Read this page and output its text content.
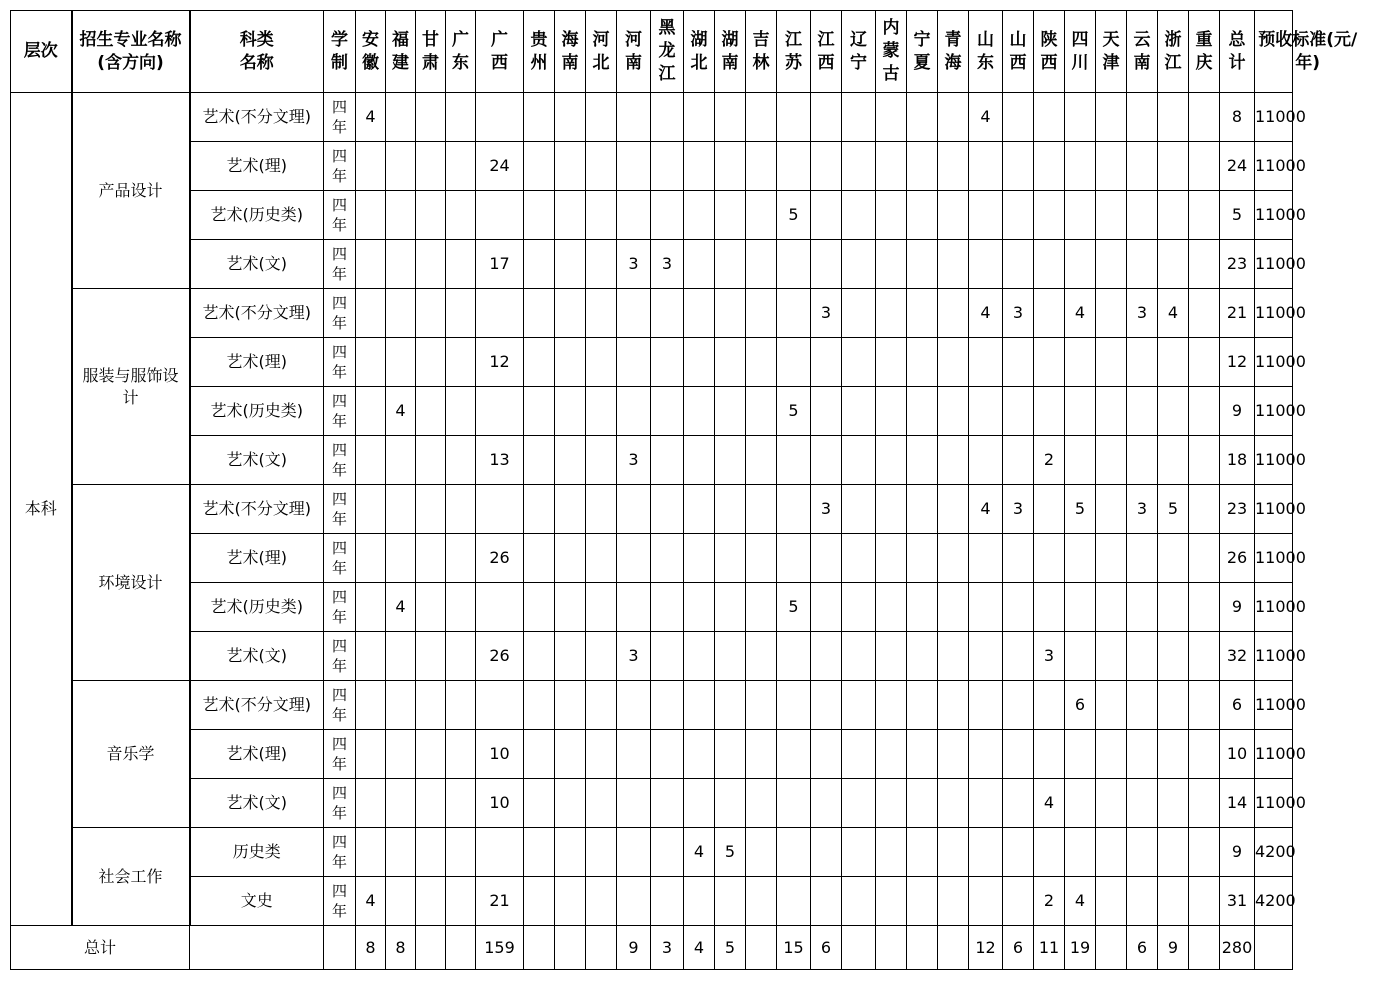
层次	招生专业名称(含方向)	科类名称	学制	安徽	福建	甘肃	广东	广西	贵州	海南	河北	河南	黑龙江	湖北	湖南	吉林	江苏	江西	辽宁	内蒙古	宁夏	青海	山东	山西	陕西	四川	天津	云南	浙江	重庆	总计	预收标准(元/年)
本科	产品设计	艺术(不分文理)	四年	4																			4								8	11000
		艺术(理)	四年					24																							24	11000
		艺术(历史类)	四年														5														5	11000
		艺术(文)	四年					17				3	3																		23	11000
	服装与服饰设计	艺术(不分文理)	四年															3					4	3		4		3	4		21	11000
		艺术(理)	四年					12																							12	11000
		艺术(历史类)	四年		4												5														9	11000
		艺术(文)	四年					13				3													2						18	11000
	环境设计	艺术(不分文理)	四年															3					4	3		5		3	5		23	11000
		艺术(理)	四年					26																							26	11000
		艺术(历史类)	四年		4												5														9	11000
		艺术(文)	四年					26				3													3						32	11000
	音乐学	艺术(不分文理)	四年																							6					6	11000
		艺术(理)	四年					10																							10	11000
		艺术(文)	四年					10																	4						14	11000
	社会工作	历史类	四年											4	5																9	4200
		文史	四年	4				21																	2	4					31	4200
总计				8	8			159				9	3	4	5		15	6					12	6	11	19		6	9		280	
